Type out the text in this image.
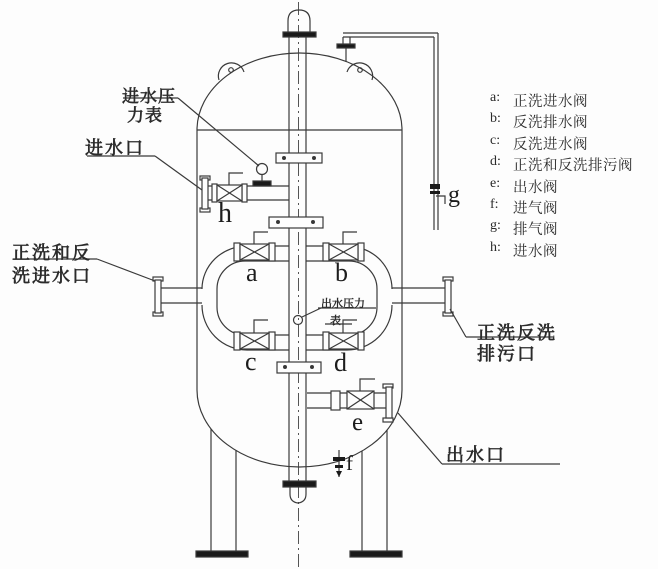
进水压
力表
进水口
正洗和反
洗进水口
正洗反洗
排污口
出水压力
表
出水口
a	b
c	d
e
f
g
h
a: 正洗进水阀
b: 反洗排水阀
c: 反洗进水阀
d: 正洗和反洗排污阀
e: 出水阀
f: 进气阀
g: 排气阀
h: 进水阀
